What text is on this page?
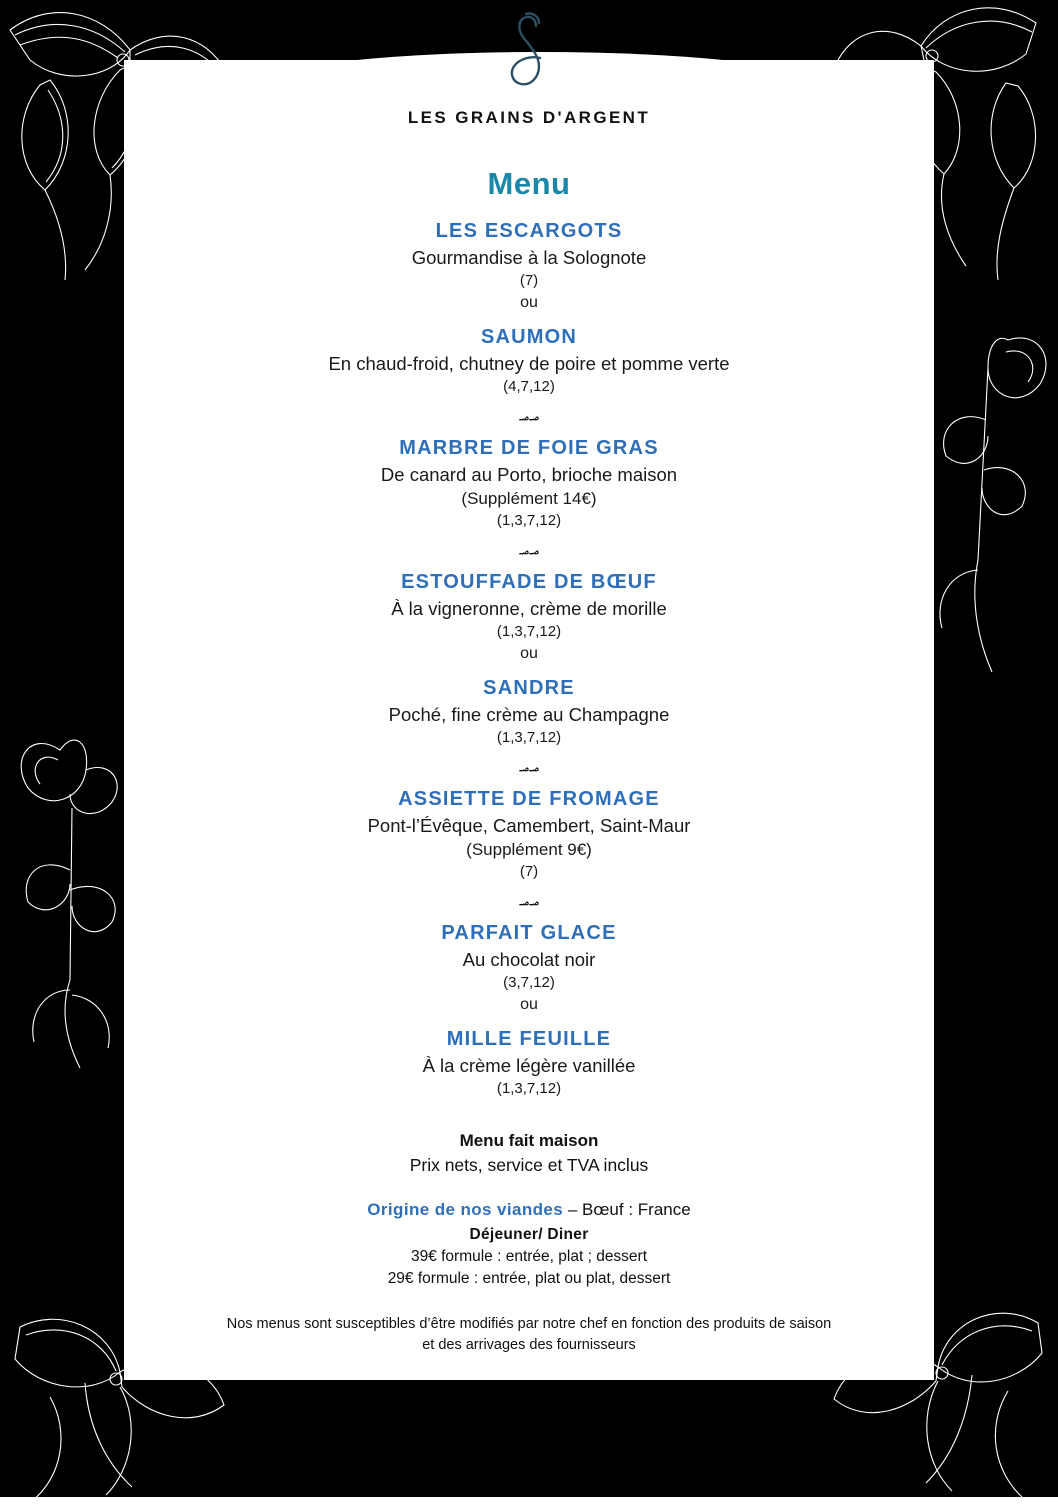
LES GRAINS D'ARGENT
Menu
LES ESCARGOTS
Gourmandise à la Solognote
(7)
ou
SAUMON
En chaud-froid, chutney de poire et pomme verte
(4,7,12)
؃؃
MARBRE DE FOIE GRAS
De canard au Porto, brioche maison
(Supplément 14€)
(1,3,7,12)
؃؃
ESTOUFFADE DE BŒUF
À la vigneronne, crème de morille
(1,3,7,12)
ou
SANDRE
Poché, fine crème au Champagne
(1,3,7,12)
؃؃
ASSIETTE DE FROMAGE
Pont-l’Évêque, Camembert, Saint-Maur
(Supplément 9€)
(7)
؃؃
PARFAIT GLACE
Au chocolat noir
(3,7,12)
ou
MILLE FEUILLE
À la crème légère vanillée
(1,3,7,12)
Menu fait maison
Prix nets, service et TVA inclus
Origine de nos viandes – Bœuf : France
Déjeuner/ Diner
39€ formule : entrée, plat ; dessert
29€ formule : entrée, plat ou plat, dessert
Nos menus sont susceptibles d’être modifiés par notre chef en fonction des produits de saison
et des arrivages des fournisseurs
